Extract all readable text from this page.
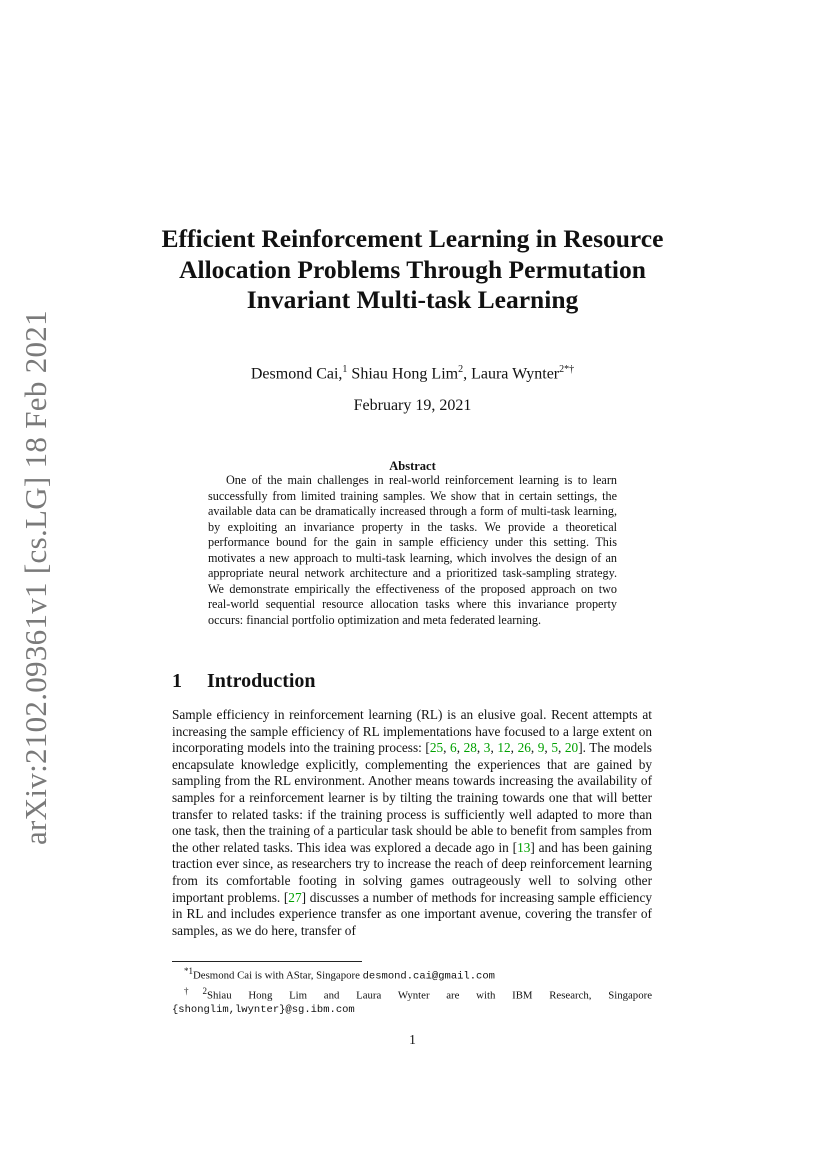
arXiv:2102.09361v1 [cs.LG] 18 Feb 2021
Efficient Reinforcement Learning in Resource Allocation Problems Through Permutation Invariant Multi-task Learning
Desmond Cai,$^1$ Shiau Hong Lim$^2$, Laura Wynter$^{2*\dagger}$
February 19, 2021
Abstract

One of the main challenges in real-world reinforcement learning is to learn successfully from limited training samples. We show that in certain settings, the available data can be dramatically increased through a form of multi-task learning, by exploiting an invariance property in the tasks. We provide a theoretical performance bound for the gain in sample efficiency under this setting. This motivates a new approach to multi-task learning, which involves the design of an appropriate neural network architecture and a prioritized task-sampling strategy. We demonstrate empirically the effectiveness of the proposed approach on two real-world sequential resource allocation tasks where this invariance property occurs: financial portfolio optimization and meta federated learning.

1 Introduction

Sample efficiency in reinforcement learning (RL) is an elusive goal. Recent attempts at increasing the sample efficiency of RL implementations have focused to a large extent on incorporating models into the training process: [25, 6, 28, 3, 12, 26, 9, 5, 20]. The models encapsulate knowledge explicitly, complementing the experiences that are gained by sampling from the RL environment. Another means towards increasing the availability of samples for a reinforcement learner is by tilting the training towards one that will better transfer to related tasks: if the training process is sufficiently well adapted to more than one task, then the training of a particular task should be able to benefit from samples from the other related tasks. This idea was explored a decade ago in [13] and has been gaining traction ever since, as researchers try to increase the reach of deep reinforcement learning from its comfortable footing in solving games outrageously well to solving other important problems. [27] discusses a number of methods for increasing sample efficiency in RL and includes experience transfer as one important avenue, covering the transfer of samples, as we do here, transfer of

$^{*1}$Desmond Cai is with AStar, Singapore desmond.cai@gmail.com

$^{\dagger 2}$Shiau Hong Lim and Laura Wynter are with IBM Research, Singapore {shonglim,lwynter}@sg.ibm.com

1
